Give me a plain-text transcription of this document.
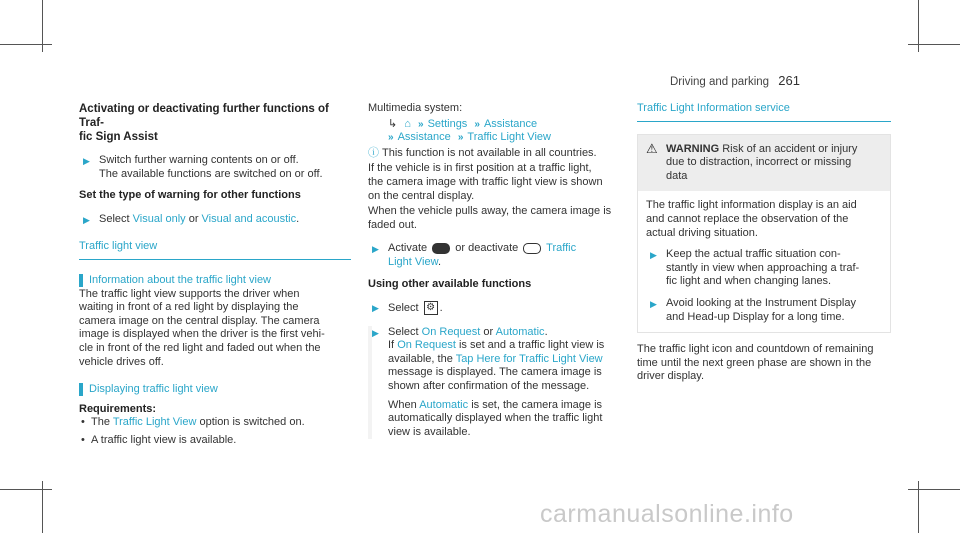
Driving and parking 261
Activating or deactivating further functions of Traf-
fic Sign Assist
▶ Switch further warning contents on or off.
The available functions are switched on or off.
Set the type of warning for other functions
▶ Select Visual only or Visual and acoustic.
Traffic light view
Information about the traffic light view
The traffic light view supports the driver when
waiting in front of a red light by displaying the
camera image on the central display. The camera
image is displayed when the driver is the first vehi-
cle in front of the red light and faded out when the
vehicle drives off.
Displaying traffic light view
Requirements:
• The Traffic Light View option is switched on.
• A traffic light view is available.
Multimedia system:
↳ ⌂ » Settings » Assistance
» Assistance » Traffic Light View
ⓘ This function is not available in all countries.
If the vehicle is in first position at a traffic light,
the camera image with traffic light view is shown
on the central display.
When the vehicle pulls away, the camera image is
faded out.
▶ Activate	or deactivate	Traffic
Light View.
Using other available functions
▶ Select ⚙ .
▶ Select On Request or Automatic.
If On Request is set and a traffic light view is
available, the Tap Here for Traffic Light View
message is displayed. The camera image is
shown after confirmation of the message.
When Automatic is set, the camera image is
automatically displayed when the traffic light
view is available.
Traffic Light Information service
⚠ WARNING Risk of an accident or injury
due to distraction, incorrect or missing
data
The traffic light information display is an aid
and cannot replace the observation of the
actual driving situation.
▶ Keep the actual traffic situation con-
stantly in view when approaching a traf-
fic light and when changing lanes.
▶ Avoid looking at the Instrument Display
and Head-up Display for a long time.
The traffic light icon and countdown of remaining
time until the next green phase are shown in the
driver display.
carmanualsonline.info
